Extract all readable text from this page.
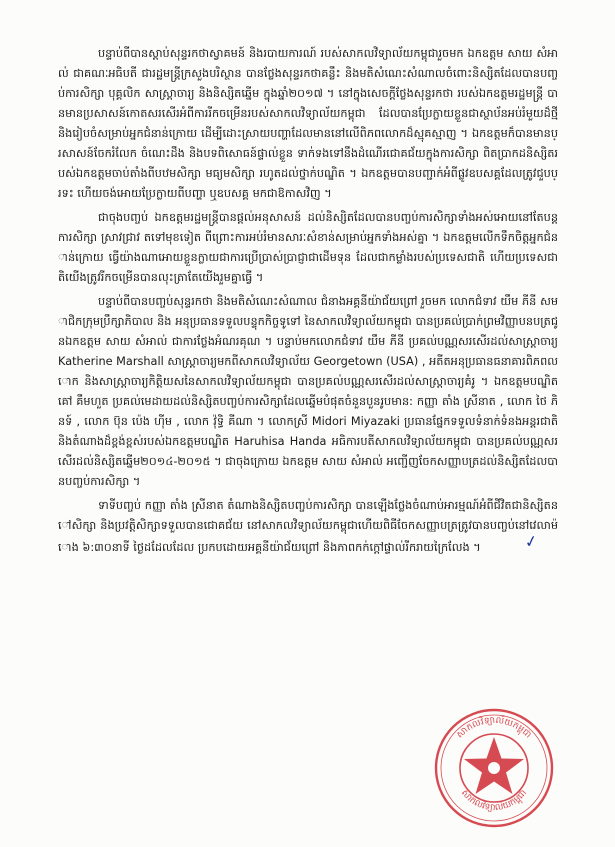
បន្ទាប់ពីបានស្ដាប់សុន្ទរកថាស្វាគមន៍ និងរបាយការណ៍ របស់សាកលវិទ្យាល័យកម្ពុជារួចមក ឯកឧត្តម សាយ សំអាល់ ជាគណៈអធិបតី ជារដ្ឋមន្ត្រីក្រសួងបរិស្ថាន បានថ្លែងសុន្ទរកថាគន្លឹះ និងមតិសំណេះសំណាលចំពោះនិស្សិតដែលបានបញ្ចប់ការសិក្សា បុគ្គលិក សាស្ត្រាចារ្យ និងនិស្សិតឆ្នើម ក្នុងឆ្នាំ២០១៧ ។ នៅក្នុងសេចក្ដីថ្លែងសុន្ទរកថា របស់ឯកឧត្តមរដ្ឋមន្ត្រី បានមានប្រសាសន៍កោតសរសើរអំពីការរីកចម្រើនរបស់សាកលវិទ្យាល័យកម្ពុជា ដែលបានប្រែក្លាយខ្លួនជាស្ថាប័នអប់រំមួយដ៏ថ្មី និងរៀបចំសម្រាប់អ្នកជំនាន់ក្រោយ ដើម្បីដោះស្រាយបញ្ហាដែលមាននៅលើពិភពលោកដ៏ស្មុគស្មាញ ។ ឯកឧត្តមក៏បានមានប្រសាសន៍ចែករំលែក ចំណេះដឹង និងបទពិសោធន៍ផ្ទាល់ខ្លួន ទាក់ទងទៅនឹងដំណើរជោគជ័យក្នុងការសិក្សា ពិតប្រាកដនិស្សិតរបស់ឯកឧត្តមចាប់តាំងពីបឋមសិក្សា មធ្យមសិក្សា រហូតដល់ថ្នាក់បណ្ឌិត ។ ឯកឧត្តមបានបញ្ជាក់អំពីផ្លូវឧបសគ្គដែលត្រូវជួបប្រទះ ហើយចង់អោយប្រែក្លាយពីបញ្ហា ឬឧបសគ្គ មកជាឱកាសវិញ ។

ជាចុងបញ្ចប់ ឯកឧត្តមរដ្ឋមន្ត្រីបានផ្ដល់អនុសាសន៍ ដល់និស្សិតដែលបានបញ្ចប់ការសិក្សាទាំងអស់អោយនៅតែបន្ត ការសិក្សា ស្រាវជ្រាវ តទៅមុខទៀត ពីព្រោះការអប់រំមានសារៈសំខាន់សម្រាប់អ្នកទាំងអស់គ្នា ។ ឯកឧត្តមលើកទឹកចិត្តអ្នកជំនាន់ក្រោយ ធ្វើយ៉ាងណាអោយខ្លួនក្លាយជាការប្រើប្រាស់ប្រាជ្ញាជាដើមទុន ដែលជាកម្លាំងរបស់ប្រទេសជាតិ ហើយប្រទេសជាតិយើងត្រូវរីកចម្រើនបានលុះត្រាតែយើងរួមគ្នាធ្វើ ។

បន្ទាប់ពីបានបញ្ចប់សុន្ទរកថា និងមតិសំណេះសំណាល ជំនាងអគ្គនីយ៉ាជ័យព្រៅ រួចមក លោកជំទាវ យឹម ភីនី សមាជិកក្រុមប្រឹក្សាភិបាល និង អនុប្រធានទទួលបន្ទុកកិច្ចទូទៅ នៃសាកលវិទ្យាល័យកម្ពុជា បានប្រគល់ប្រាក់ព្រមវិញ្ញាបនបត្រជូនឯកឧត្តម សាយ សំអាល់ ជាការថ្លែងអំណរគុណ ។ បន្ទាប់មកលោកជំទាវ យឹម ភីនី ប្រគល់បណ្ណសរសើរដល់សាស្ត្រាចារ្យ Katherine Marshall សាស្ត្រាចារ្យមកពីសាកលវិទ្យាល័យ Georgetown (USA) , អតីតអនុប្រធានធនាគារពិភពលោក និងសាស្ត្រាចារ្យកិត្តិយសនៃសាកលវិទ្យាល័យកម្ពុជា បានប្រគល់បណ្ណសរសើរដល់សាស្ត្រាចារ្យគំរូ ។ ឯកឧត្តមបណ្ឌិត គៅ គឹមហួត ប្រគល់មេដាយដល់និស្សិតបញ្ចប់ការសិក្សាដែលឆ្នើមបំផុតចំនួនបួនរូបមាន: កញ្ញា តាំង ស្រីនាត , លោក ថៃ ភិនទ៍ , លោក ប៊ុន ប៉េង ហ៊ីម , លោក វ៉ុទ្ធិ គីណា ។ លោកស្រី Midori Miyazaki ប្រធានផ្នែកទទួលទំនាក់ទំនងអន្តរជាតិ និងតំណាងដ៏ខ្ពង់ខ្ពស់របស់ឯកឧត្តមបណ្ឌិត Haruhisa Handa អធិការបតីសាកលវិទ្យាល័យកម្ពុជា បានប្រគល់បណ្ណសរសើរដល់និស្សិតឆ្នើម២០១៤-២០១៥ ។ ជាចុងក្រោយ ឯកឧត្តម សាយ សំអាល់ អញ្ជើញចែកសញ្ញាបត្រដល់និស្សិតដែលបានបញ្ចប់ការសិក្សា ។

ទាទីបញ្ចប់ កញ្ញា តាំង ស្រីនាត តំណាងនិស្សិតបញ្ចប់ការសិក្សា បានឡើងថ្លែងចំណាប់អារម្មណ៍អំពីជីវិតជានិស្សិតនៅសិក្សា និងប្រវត្តិសិក្សាទទួលបានជោគជ័យ នៅសាកលវិទ្យាល័យកម្ពុជាហើយពិធីចែកសញ្ញាបត្រត្រូវបានបញ្ចប់នៅវេលាម៉ោង ៦:៣០នាទី ថ្ងៃដដែលដែល ប្រកបដោយអគ្គនីយ៉ាជ័យព្រៅ និងភាពកក់ក្ដៅផ្ទាល់រីករាយក្រៃលែង ។	✓

សាកលវិទ្យាល័យកម្ពុជា
សាកលវិទ្យាល័យកម្ពុជា
